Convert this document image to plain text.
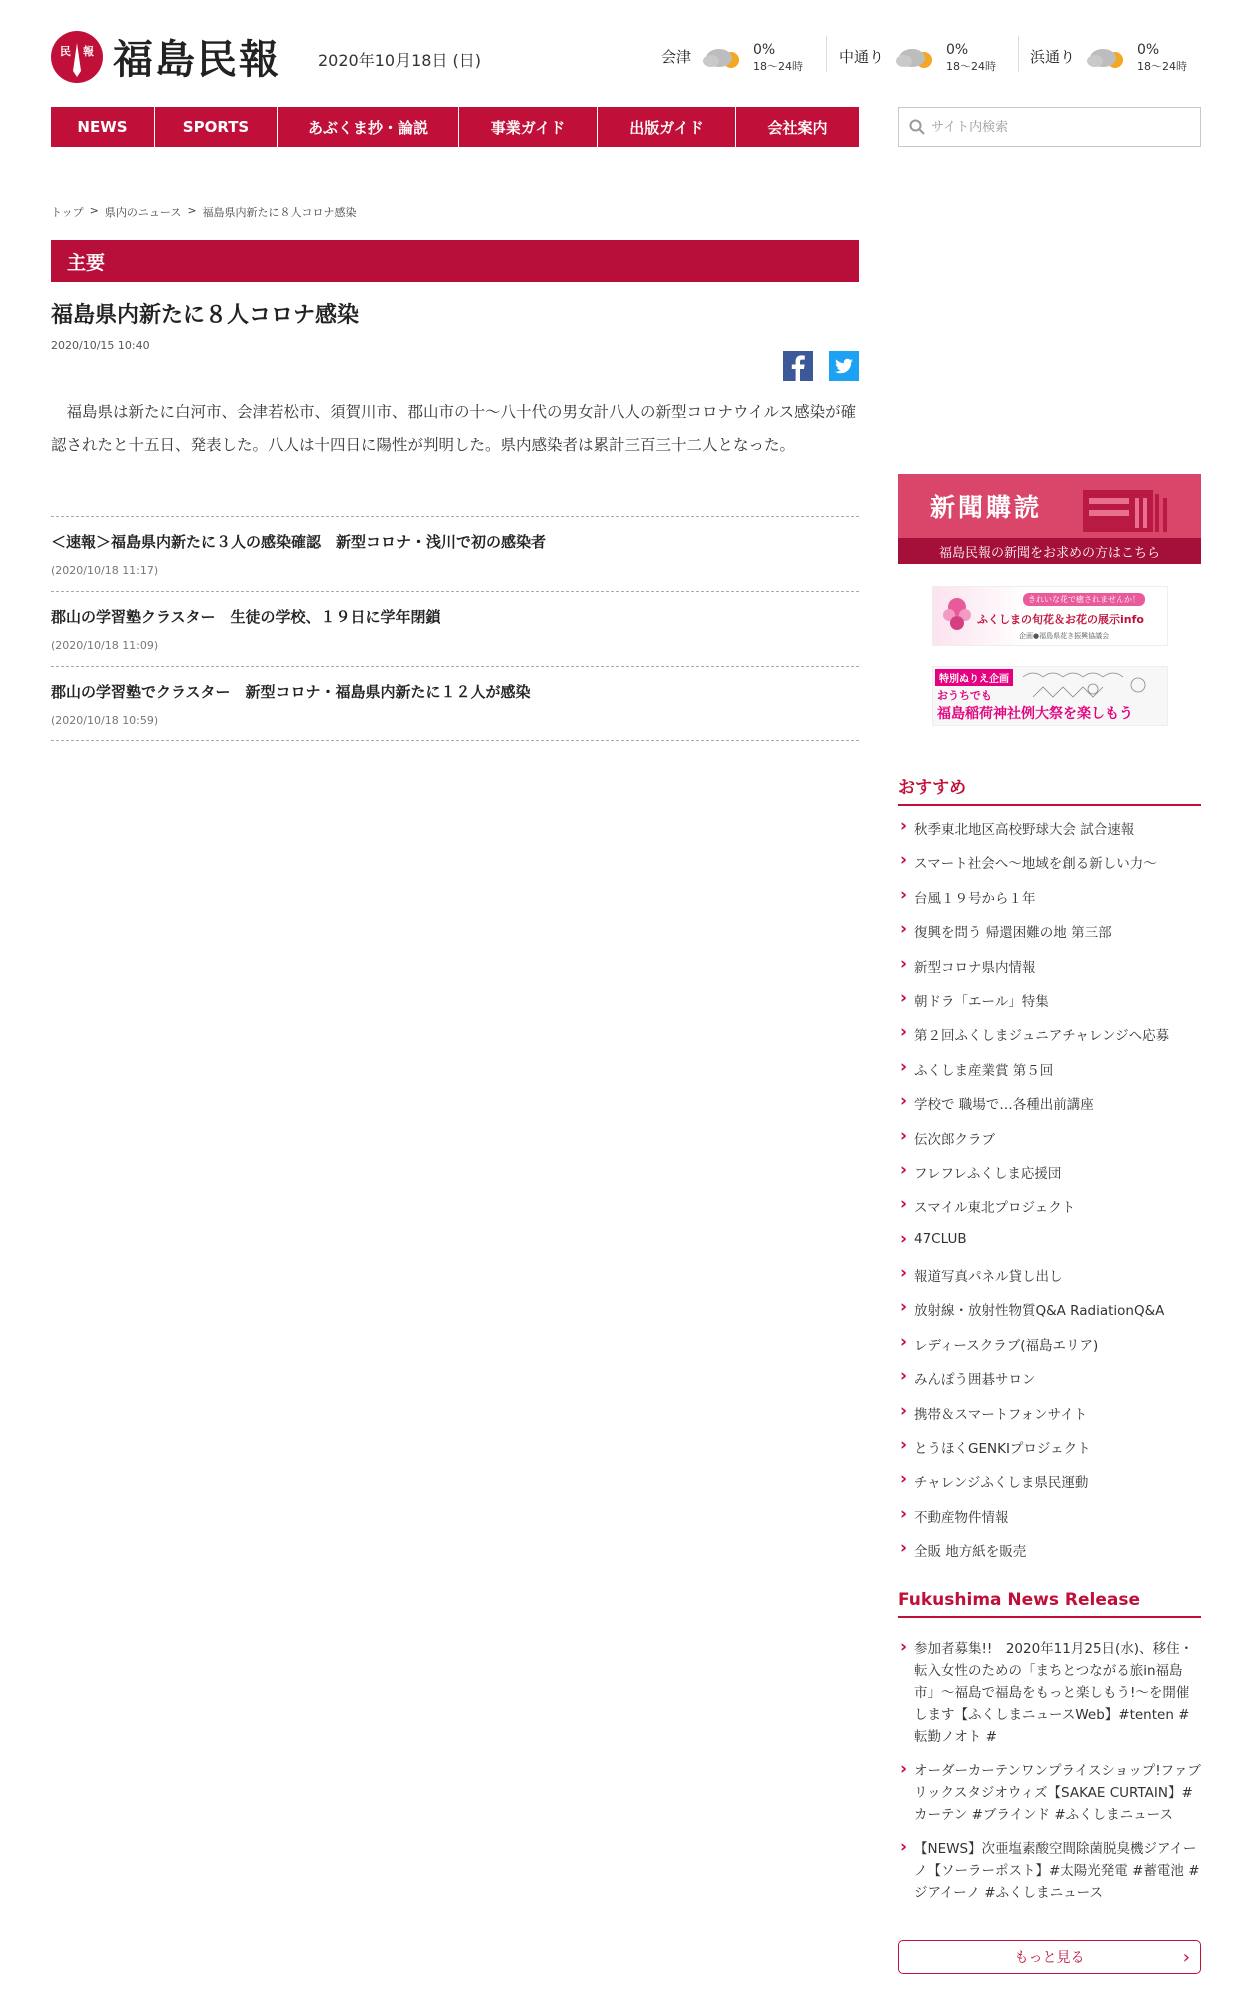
民 報 福島民報 2020年10月18日 (日)	会津	0%
18～24時
中通り	0%
18～24時
浜通り	0%
18～24時
NEWS	SPORTS	あぶくま抄・論説	事業ガイド	出版ガイド	会社案内
サイト内検索
トップ > 県内のニュース > 福島県内新たに８人コロナ感染
主要
福島県内新たに８人コロナ感染
2020/10/15 10:40

福島県は新たに白河市、会津若松市、須賀川市、郡山市の十～八十代の男女計八人の新型コロナウイルス感染が確認されたと十五日、発表した。八人は十四日に陽性が判明した。県内感染者は累計三百三十二人となった。

＜速報＞福島県内新たに３人の感染確認　新型コロナ・浅川で初の感染者
(2020/10/18 11:17)
郡山の学習塾クラスター　生徒の学校、１９日に学年閉鎖
(2020/10/18 11:09)
郡山の学習塾でクラスター　新型コロナ・福島県内新たに１２人が感染
(2020/10/18 10:59)
新聞購読
福島民報の新聞をお求めの方はこちら
きれいな花で癒されませんか！
ふくしまの旬花＆お花の展示info
企画●福島県花き振興協議会
特別ぬりえ企画
おうちでも
福島稲荷神社例大祭を楽しもう
おすすめ
› 秋季東北地区高校野球大会 試合速報
› スマート社会へ～地域を創る新しい力～
› 台風１９号から１年
› 復興を問う 帰還困難の地 第三部
› 新型コロナ県内情報
› 朝ドラ「エール」特集
› 第２回ふくしまジュニアチャレンジへ応募
› ふくしま産業賞 第５回
› 学校で 職場で…各種出前講座
› 伝次郎クラブ
› フレフレふくしま応援団
› スマイル東北プロジェクト
› 47CLUB
› 報道写真パネル貸し出し
› 放射線・放射性物質Q&A RadiationQ&A
› レディースクラブ(福島エリア)
› みんぽう囲碁サロン
› 携帯＆スマートフォンサイト
› とうほくGENKIプロジェクト
› チャレンジふくしま県民運動
› 不動産物件情報
› 全販 地方紙を販売
Fukushima News Release
› 参加者募集!!　2020年11月25日(水)、移住・転入女性のための「まちとつながる旅in福島市」～福島で福島をもっと楽しもう!～を開催します【ふくしまニュースWeb】#tenten #転勤ノオト #
› オーダーカーテンワンプライスショップ!ファブリックスタジオウィズ【SAKAE CURTAIN】#カーテン #ブラインド #ふくしまニュース
› 【NEWS】次亜塩素酸空間除菌脱臭機ジアイーノ【ソーラーポスト】#太陽光発電 #蓄電池 #ジアイーノ #ふくしまニュース
もっと見る	›
